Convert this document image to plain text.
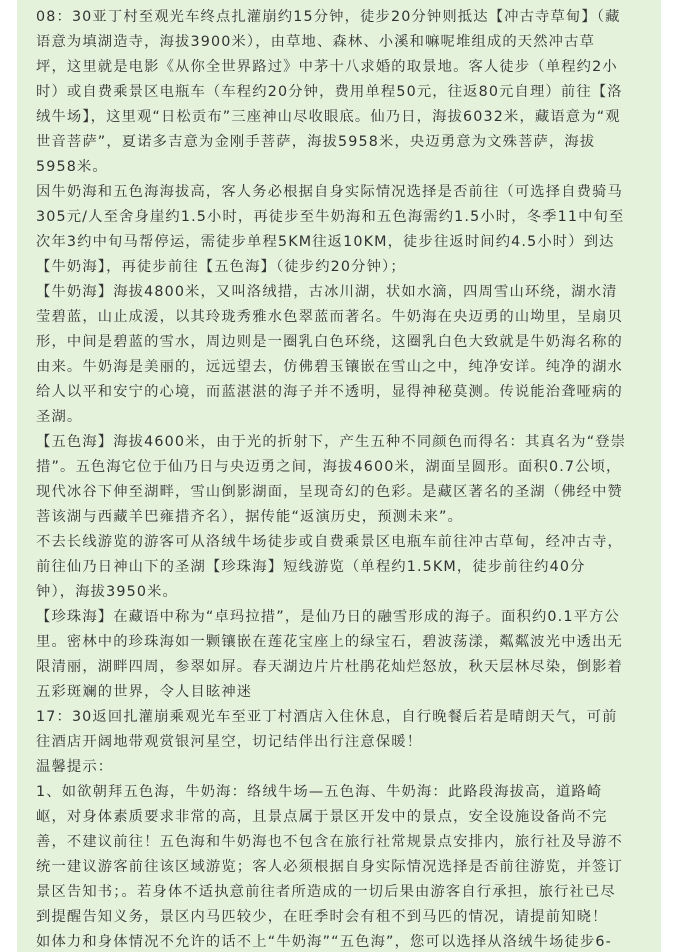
08：30亚丁村至观光车终点扎灌崩约15分钟，徒步20分钟则抵达【冲古寺草甸】（藏
语意为填湖造寺，海拔3900米），由草地、森林、小溪和嘛呢堆组成的天然冲古草
坪，这里就是电影《从你全世界路过》中茅十八求婚的取景地。客人徒步（单程约2小
时）或自费乘景区电瓶车（车程约20分钟，费用单程50元，往返80元自理）前往【洛
绒牛场】，这里观“日松贡布”三座神山尽收眼底。仙乃日，海拔6032米，藏语意为“观
世音菩萨”，夏诺多吉意为金刚手菩萨，海拔5958米，央迈勇意为文殊菩萨，海拔
5958米。
因牛奶海和五色海海拔高，客人务必根据自身实际情况选择是否前往（可选择自费骑马
305元/人至舍身崖约1.5小时，再徒步至牛奶海和五色海需约1.5小时，冬季11中旬至
次年3约中旬马帮停运，需徒步单程5KM往返10KM，徒步往返时间约4.5小时）到达
【牛奶海】，再徒步前往【五色海】（徒步约20分钟）；
【牛奶海】海拔4800米，又叫洛绒措，古冰川湖，状如水滴，四周雪山环绕，湖水清
莹碧蓝，山止成湲，以其玲珑秀雅水色翠蓝而著名。牛奶海在央迈勇的山坳里，呈扇贝
形，中间是碧蓝的雪水，周边则是一圈乳白色环绕，这圈乳白色大致就是牛奶海名称的
由来。牛奶海是美丽的，远远望去，仿佛碧玉镶嵌在雪山之中，纯净安详。纯净的湖水
给人以平和安宁的心境，而蓝湛湛的海子并不透明，显得神秘莫测。传说能治聋哑病的
圣湖。
【五色海】海拔4600米，由于光的折射下，产生五种不同颜色而得名：其真名为“登崇
措”。五色海它位于仙乃日与央迈勇之间，海拔4600米，湖面呈圆形。面积0.7公顷，
现代冰谷下伸至湖畔，雪山倒影湖面，呈现奇幻的色彩。是藏区著名的圣湖（佛经中赞
菩该湖与西藏羊巴雍措齐名），据传能“返演历史，预测未来”。
不去长线游览的游客可从洛绒牛场徒步或自费乘景区电瓶车前往冲古草甸，经冲古寺，
前往仙乃日神山下的圣湖【珍珠海】短线游览（单程约1.5KM，徒步前往约40分
钟），海拔3950米。
【珍珠海】在藏语中称为“卓玛拉措”，是仙乃日的融雪形成的海子。面积约0.1平方公
里。密林中的珍珠海如一颗镶嵌在莲花宝座上的绿宝石，碧波荡漾，粼粼波光中透出无
限清丽，湖畔四周，参翠如屏。春天湖边片片杜鹃花灿烂怒放，秋天层林尽染，倒影着
五彩斑斓的世界，令人目眩神迷
17：30返回扎灌崩乘观光车至亚丁村酒店入住休息，自行晚餐后若是晴朗天气，可前
往酒店开阔地带观赏银河星空，切记结伴出行注意保暖！
温馨提示：
1、如欲朝拜五色海，牛奶海：络绒牛场—五色海、牛奶海：此路段海拔高，道路崎
岖，对身体素质要求非常的高，且景点属于景区开发中的景点，安全设施设备尚不完
善，不建议前往！五色海和牛奶海也不包含在旅行社常规景点安排内，旅行社及导游不
统一建议游客前往该区域游览；客人必须根据自身实际情况选择是否前往游览，并签订
景区告知书；。若身体不适执意前往者所造成的一切后果由游客自行承担，旅行社已尽
到提醒告知义务，景区内马匹较少，在旺季时会有租不到马匹的情况，请提前知晓！
如体力和身体情况不允许的话不上“牛奶海”“五色海”，您可以选择从洛绒牛场徒步6-
